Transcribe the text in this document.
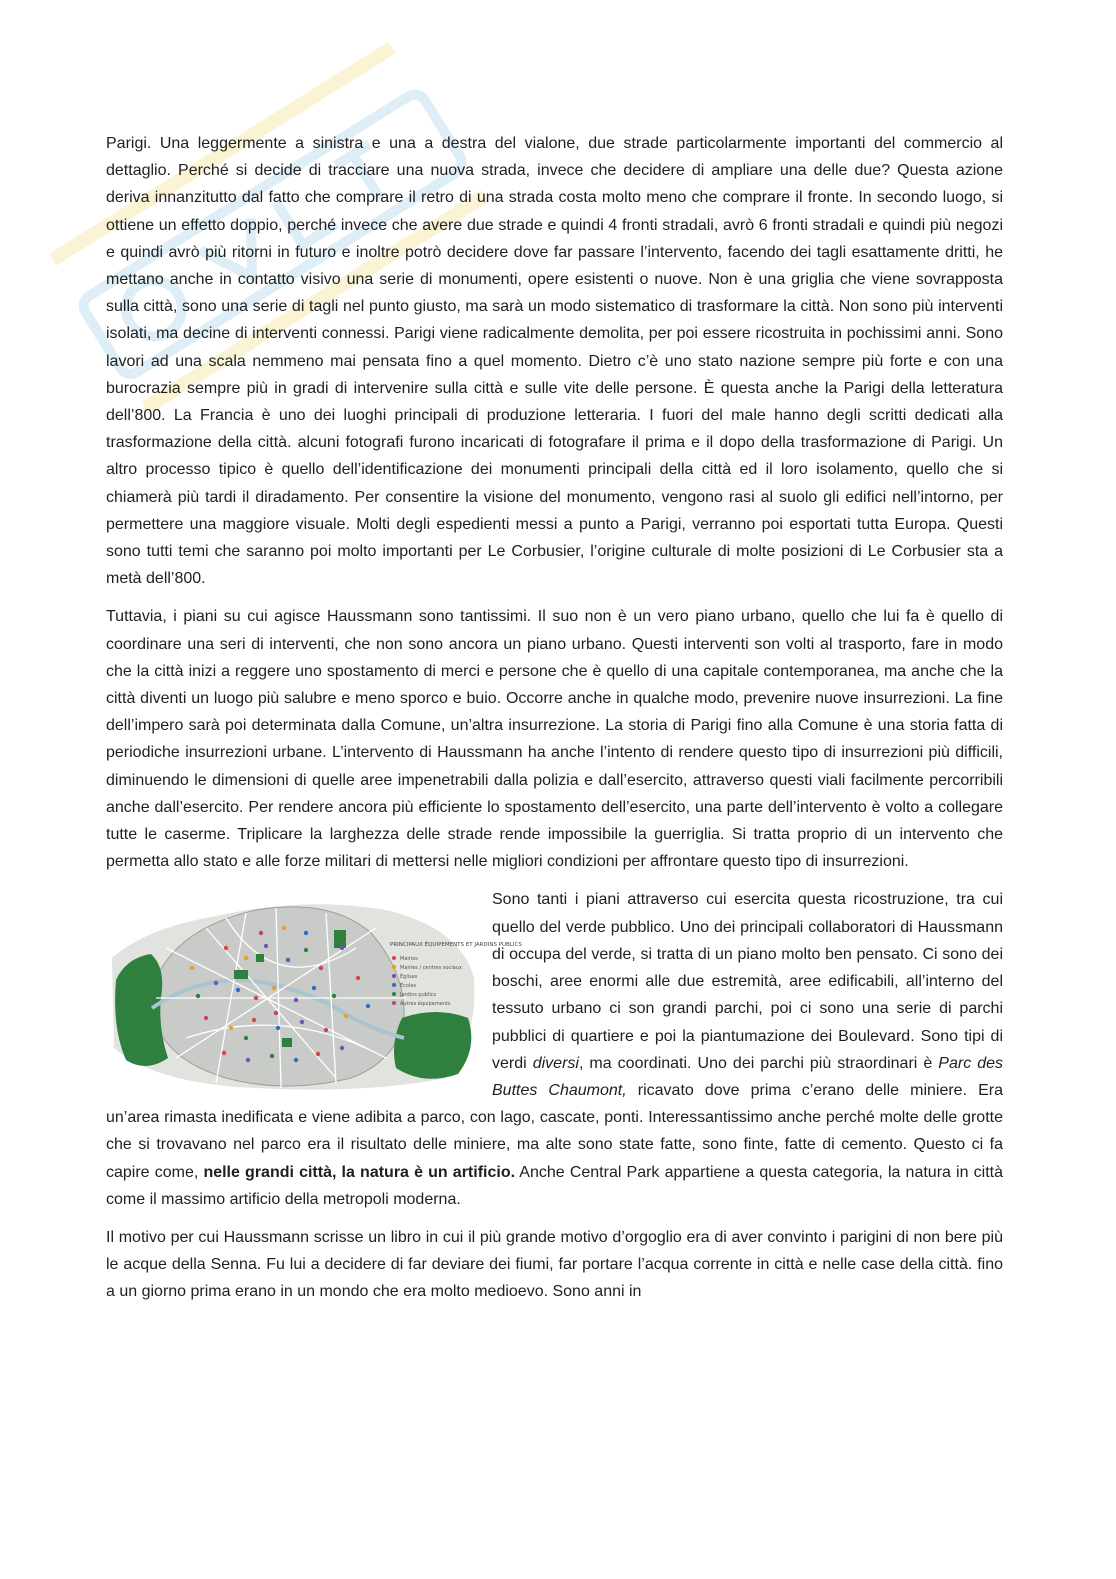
Parigi. Una leggermente a sinistra e una a destra del vialone, due strade particolarmente importanti del commercio al dettaglio. Perché si decide di tracciare una nuova strada, invece che decidere di ampliare una delle due? Questa azione deriva innanzitutto dal fatto che comprare il retro di una strada costa molto meno che comprare il fronte. In secondo luogo, si ottiene un effetto doppio, perché invece che avere due strade e quindi 4 fronti stradali, avrò 6 fronti stradali e quindi più negozi e quindi avrò più ritorni in futuro e inoltre potrò decidere dove far passare l’intervento, facendo dei tagli esattamente dritti, he mettano anche in contatto visivo una serie di monumenti, opere esistenti o nuove. Non è una griglia che viene sovrapposta sulla città, sono una serie di tagli nel punto giusto, ma sarà un modo sistematico di trasformare la città. Non sono più interventi isolati, ma decine di interventi connessi. Parigi viene radicalmente demolita, per poi essere ricostruita in pochissimi anni. Sono lavori ad una scala nemmeno mai pensata fino a quel momento. Dietro c’è uno stato nazione sempre più forte e con una burocrazia sempre più in gradi di intervenire sulla città e sulle vite delle persone. È questa anche la Parigi della letteratura dell’800. La Francia è uno dei luoghi principali di produzione letteraria. I fuori del male hanno degli scritti dedicati alla trasformazione della città. alcuni fotografi furono incaricati di fotografare il prima e il dopo della trasformazione di Parigi. Un altro processo tipico è quello dell’identificazione dei monumenti principali della città ed il loro isolamento, quello che si chiamerà più tardi il diradamento. Per consentire la visione del monumento, vengono rasi al suolo gli edifici nell’intorno, per permettere una maggiore visuale. Molti degli espedienti messi a punto a Parigi, verranno poi esportati tutta Europa. Questi sono tutti temi che saranno poi molto importanti per Le Corbusier, l’origine culturale di molte posizioni di Le Corbusier sta a metà dell’800.

Tuttavia, i piani su cui agisce Haussmann sono tantissimi. Il suo non è un vero piano urbano, quello che lui fa è quello di coordinare una seri di interventi, che non sono ancora un piano urbano. Questi interventi son volti al trasporto, fare in modo che la città inizi a reggere uno spostamento di merci e persone che è quello di una capitale contemporanea, ma anche che la città diventi un luogo più salubre e meno sporco e buio. Occorre anche in qualche modo, prevenire nuove insurrezioni. La fine dell’impero sarà poi determinata dalla Comune, un’altra insurrezione. La storia di Parigi fino alla Comune è una storia fatta di periodiche insurrezioni urbane. L’intervento di Haussmann ha anche l’intento di rendere questo tipo di insurrezioni più difficili, diminuendo le dimensioni di quelle aree impenetrabili dalla polizia e dall’esercito, attraverso questi viali facilmente percorribili anche dall’esercito. Per rendere ancora più efficiente lo spostamento dell’esercito, una parte dell’intervento è volto a collegare tutte le caserme. Triplicare la larghezza delle strade rende impossibile la guerriglia. Si tratta proprio di un intervento che permetta allo stato e alle forze militari di mettersi nelle migliori condizioni per affrontare questo tipo di insurrezioni.

PRINCIPAUX ÉQUIPEMENTS ET JARDINS PUBLICS
Mairies
Mairies / centres sociaux
Églises
Écoles
Jardins publics
Autres équipements
Sono tanti i piani attraverso cui esercita questa ricostruzione, tra cui quello del verde pubblico. Uno dei principali collaboratori di Haussmann di occupa del verde, si tratta di un piano molto ben pensato. Ci sono dei boschi, aree enormi alle due estremità, aree edificabili, all’interno del tessuto urbano ci son grandi parchi, poi ci sono una serie di parchi pubblici di quartiere e poi la piantumazione dei Boulevard. Sono tipi di verdi diversi, ma coordinati. Uno dei parchi più straordinari è Parc des Buttes Chaumont, ricavato dove prima c’erano delle miniere. Era un’area rimasta inedificata e viene adibita a parco, con lago, cascate, ponti. Interessantissimo anche perché molte delle grotte che si trovavano nel parco era il risultato delle miniere, ma alte sono state fatte, sono finte, fatte di cemento. Questo ci fa capire come, nelle grandi città, la natura è un artificio. Anche Central Park appartiene a questa categoria, la natura in città come il massimo artificio della metropoli moderna.

Il motivo per cui Haussmann scrisse un libro in cui il più grande motivo d’orgoglio era di aver convinto i parigini di non bere più le acque della Senna. Fu lui a decidere di far deviare dei fiumi, far portare l’acqua corrente in città e nelle case della città. fino a un giorno prima erano in un mondo che era molto medioevo. Sono anni in
